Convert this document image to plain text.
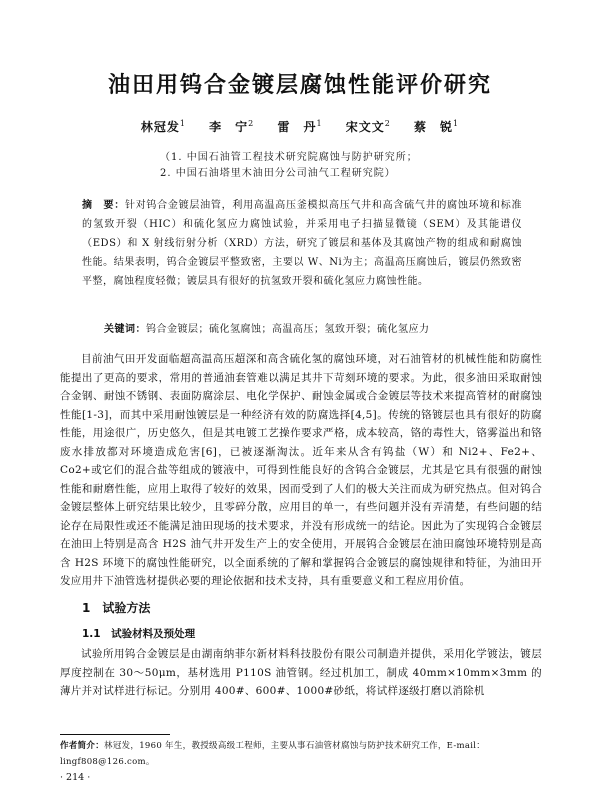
油田用钨合金镀层腐蚀性能评价研究
林冠发$^1$ 李　宁$^2$ 雷　丹$^1$ 宋文文$^2$ 蔡　锐$^1$
（1. 中国石油管工程技术研究院腐蚀与防护研究所；
2. 中国石油塔里木油田分公司油气工程研究院）
摘　要：针对钨合金镀层油管，利用高温高压釜模拟高压气井和高含硫气井的腐蚀环境和标准的氢致开裂（HIC）和硫化氢应力腐蚀试验，并采用电子扫描显微镜（SEM）及其能谱仪（EDS）和 X 射线衍射分析（XRD）方法，研究了镀层和基体及其腐蚀产物的组成和耐腐蚀性能。结果表明，钨合金镀层平整致密，主要以 W、Ni为主；高温高压腐蚀后，镀层仍然致密平整，腐蚀程度轻微；镀层具有很好的抗氢致开裂和硫化氢应力腐蚀性能。
关键词：钨合金镀层；硫化氢腐蚀；高温高压；氢致开裂；硫化氢应力
目前油气田开发面临超高温高压超深和高含硫化氢的腐蚀环境，对石油管材的机械性能和防腐性能提出了更高的要求，常用的普通油套管难以满足其井下苛刻环境的要求。为此，很多油田采取耐蚀合金钢、耐蚀不锈钢、表面防腐涂层、电化学保护、耐蚀金属或合金镀层等技术来提高管材的耐腐蚀性能[1-3]，而其中采用耐蚀镀层是一种经济有效的防腐选择[4,5]。传统的铬镀层也具有很好的防腐性能，用途很广，历史悠久，但是其电镀工艺操作要求严格，成本较高，铬的毒性大，铬雾溢出和铬废水排放都对环境造成危害[6]，已被逐渐淘汰。近年来从含有钨盐（W）和 Ni2+、Fe2+、Co2+或它们的混合盐等组成的镀液中，可得到性能良好的含钨合金镀层，尤其是它具有很强的耐蚀性能和耐磨性能，应用上取得了较好的效果，因而受到了人们的极大关注而成为研究热点。但对钨合金镀层整体上研究结果比较少，且零碎分散，应用目的单一，有些问题并没有弄清楚，有些问题的结论存在局限性或还不能满足油田现场的技术要求，并没有形成统一的结论。因此为了实现钨合金镀层在油田上特别是高含 H2S 油气井开发生产上的安全使用，开展钨合金镀层在油田腐蚀环境特别是高含 H2S 环境下的腐蚀性能研究，以全面系统的了解和掌握钨合金镀层的腐蚀规律和特征，为油田开发应用井下油管选材提供必要的理论依据和技术支持，具有重要意义和工程应用价值。
1　试验方法
1.1　试验材料及预处理
试验所用钨合金镀层是由湖南纳菲尔新材料科技股份有限公司制造并提供，采用化学镀法，镀层厚度控制在 30～50μm，基材选用 P110S 油管钢。经过机加工，制成 40mm×10mm×3mm 的薄片并对试样进行标记。分别用 400#、600#、1000#砂纸，将试样逐级打磨以消除机
作者简介：林冠发，1960 年生，教授级高级工程师，主要从事石油管材腐蚀与防护技术研究工作，E-mail：lingf808@126.com。
· 214 ·
